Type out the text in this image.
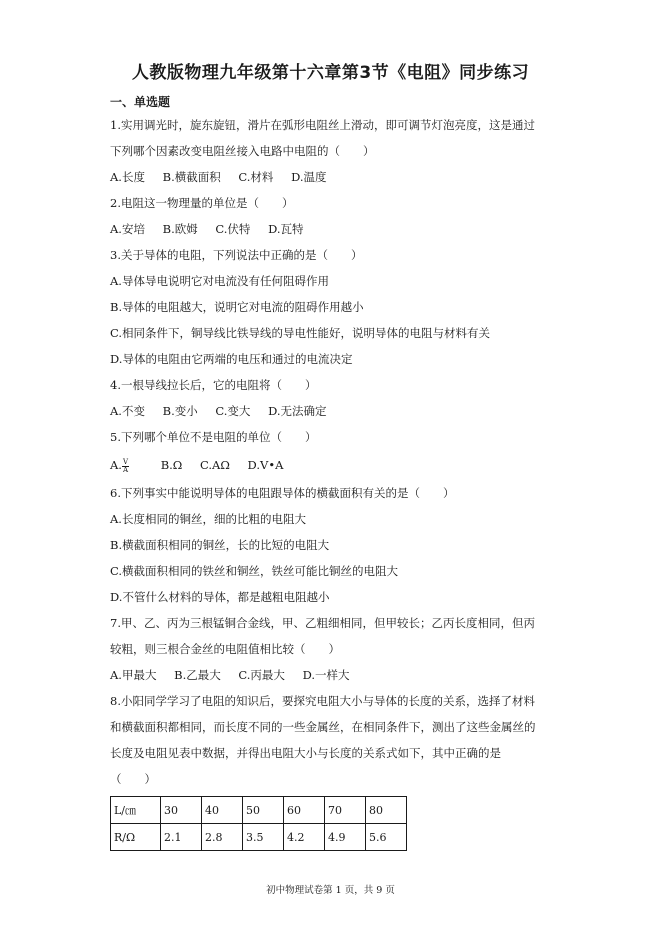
人教版物理九年级第十六章第3节《电阻》同步练习
一、单选题
1.实用调光时，旋东旋钮，滑片在弧形电阻丝上滑动，即可调节灯泡亮度，这是通过
下列哪个因素改变电阻丝接入电路中电阻的（　　）
A.长度 B.横截面积 C.材料 D.温度
2.电阻这一物理量的单位是（　　）
A.安培 B.欧姆 C.伏特 D.瓦特
3.关于导体的电阻，下列说法中正确的是（　　）
A.导体导电说明它对电流没有任何阻碍作用
B.导体的电阻越大，说明它对电流的阻碍作用越小
C.相同条件下，铜导线比铁导线的导电性能好，说明导体的电阻与材料有关
D.导体的电阻由它两端的电压和通过的电流决定
4.一根导线拉长后，它的电阻将（　　）
A.不变 B.变小 C.变大 D.无法确定
5.下列哪个单位不是电阻的单位（　　）
A. $\frac{V}{A} B.\Omega$ C.AΩ D.V•A
6.下列事实中能说明导体的电阻跟导体的横截面积有关的是（　　）
A.长度相同的铜丝，细的比粗的电阻大
B.横截面积相同的铜丝，长的比短的电阻大
C.横截面积相同的铁丝和铜丝，铁丝可能比铜丝的电阻大
D.不管什么材料的导体，都是越粗电阻越小
7.甲、乙、丙为三根锰铜合金线，甲、乙粗细相同，但甲较长；乙丙长度相同，但丙
较粗，则三根合金丝的电阻值相比较（　　）
A.甲最大 B.乙最大 C.丙最大 D.一样大
8.小阳同学学习了电阻的知识后，要探究电阻大小与导体的长度的关系，选择了材料
和横截面积都相同，而长度不同的一些金属丝，在相同条件下，测出了这些金属丝的
长度及电阻见表中数据，并得出电阻大小与长度的关系式如下，其中正确的是
（　　）
L/㎝	30	40	50	60	70	80
R/Ω	2.1	2.8	3.5	4.2	4.9	5.6
初中物理试卷第 1 页，共 9 页
